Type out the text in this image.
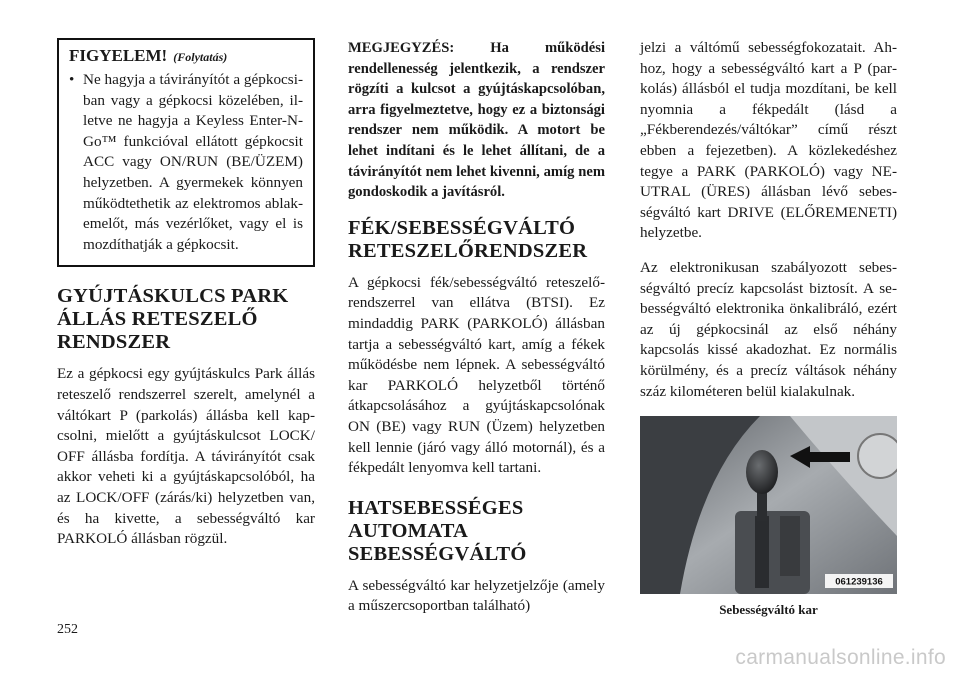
FIGYELEM! (Folytatás)
• Ne hagyja a távirányítót a gépkocsiban vagy a gépkocsi közelében, illetve ne hagyja a Keyless Enter-N-Go™ funkcióval ellátott gépkocsit ACC vagy ON/RUN (BE/ÜZEM) helyzetben. A gyermekek könnyen működtethetik az elektromos ablakemelőt, más vezérlőket, vagy el is mozdíthatják a gépkocsit.
GYÚJTÁSKULCS PARK ÁLLÁS RETESZELŐ RENDSZER

Ez a gépkocsi egy gyújtáskulcs Park állás reteszelő rendszerrel szerelt, amelynél a váltókart P (parkolás) állásba kell kapcsolni, mielőtt a gyújtáskulcsot LOCK/ OFF állásba fordítja. A távirányítót csak akkor veheti ki a gyújtáskapcsolóból, ha az LOCK/OFF (zárás/ki) helyzetben van, és ha kivette, a sebességváltó kar PARKOLÓ állásban rögzül.

MEGJEGYZÉS: Ha működési rendellenesség jelentkezik, a rendszer rögzíti a kulcsot a gyújtáskapcsolóban, arra figyelmeztetve, hogy ez a biztonsági rendszer nem működik. A motort be lehet indítani és le lehet állítani, de a távirányítót nem lehet kivenni, amíg nem gondoskodik a javításról.
FÉK/SEBESSÉGVÁLTÓ RETESZELŐRENDSZER

A gépkocsi fék/sebességváltó reteszelőrendszerrel van ellátva (BTSI). Ez mindaddig PARK (PARKOLÓ) állásban tartja a sebességváltó kart, amíg a fékek működésbe nem lépnek. A sebességváltó kar PARKOLÓ helyzetből történő átkapcsolásához a gyújtáskapcsolónak ON (BE) vagy RUN (Üzem) helyzetben kell lennie (járó vagy álló motornál), és a fékpedált lenyomva kell tartani.

HATSEBESSÉGES AUTOMATA SEBESSÉGVÁLTÓ

A sebességváltó kar helyzetjelzője (amely a műszercsoportban található)

jelzi a váltómű sebességfokozatait. Ahhoz, hogy a sebességváltó kart a P (parkolás) állásból el tudja mozdítani, be kell nyomnia a fékpedált (lásd a „Fékberendezés/váltókar” című részt ebben a fejezetben). A közlekedéshez tegye a PARK (PARKOLÓ) vagy NEUTRAL (ÜRES) állásban lévő sebességváltó kart DRIVE (ELŐREMENETI) helyzetbe.

Az elektronikusan szabályozott sebességváltó precíz kapcsolást biztosít. A sebességváltó elektronika önkalibráló, ezért az új gépkocsinál az első néhány kapcsolás kissé akadozhat. Ez normális körülmény, és a precíz váltások néhány száz kilométeren belül kialakulnak.

061239136
Sebességváltó kar
252
carmanualsonline.info
